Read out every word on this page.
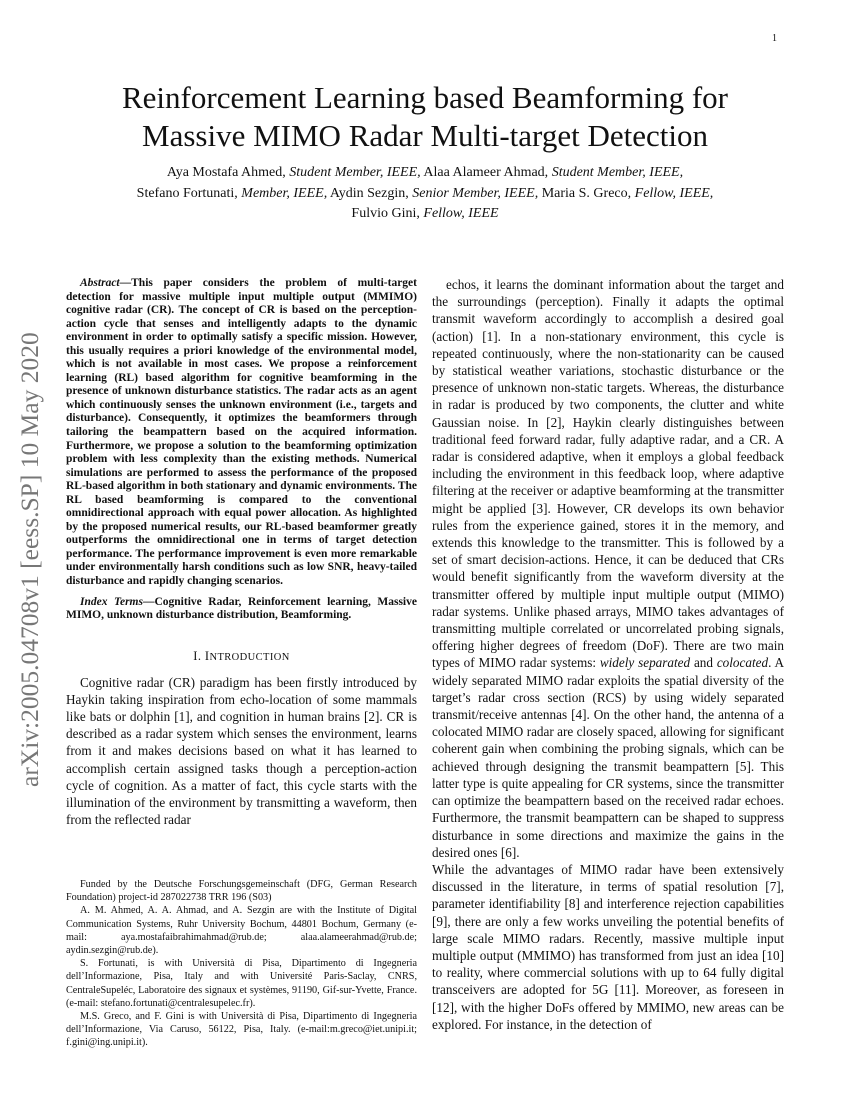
1
arXiv:2005.04708v1 [eess.SP] 10 May 2020
Reinforcement Learning based Beamforming for
Massive MIMO Radar Multi-target Detection
Aya Mostafa Ahmed, Student Member, IEEE, Alaa Alameer Ahmad, Student Member, IEEE,
Stefano Fortunati, Member, IEEE, Aydin Sezgin, Senior Member, IEEE, Maria S. Greco, Fellow, IEEE,
Fulvio Gini, Fellow, IEEE
Abstract—This paper considers the problem of multi-target detection for massive multiple input multiple output (MMIMO) cognitive radar (CR). The concept of CR is based on the perception-action cycle that senses and intelligently adapts to the dynamic environment in order to optimally satisfy a specific mission. However, this usually requires a priori knowledge of the environmental model, which is not available in most cases. We propose a reinforcement learning (RL) based algorithm for cognitive beamforming in the presence of unknown disturbance statistics. The radar acts as an agent which continuously senses the unknown environment (i.e., targets and disturbance). Consequently, it optimizes the beamformers through tailoring the beampattern based on the acquired information. Furthermore, we propose a solution to the beamforming optimization problem with less complexity than the existing methods. Numerical simulations are performed to assess the performance of the proposed RL-based algorithm in both stationary and dynamic environments. The RL based beamforming is compared to the conventional omnidirectional approach with equal power allocation. As highlighted by the proposed numerical results, our RL-based beamformer greatly outperforms the omnidirectional one in terms of target detection performance. The performance improvement is even more remarkable under environmentally harsh conditions such as low SNR, heavy-tailed disturbance and rapidly changing scenarios.
Index Terms—Cognitive Radar, Reinforcement learning, Massive MIMO, unknown disturbance distribution, Beamforming.
I. INTRODUCTION
Cognitive radar (CR) paradigm has been firstly introduced by Haykin taking inspiration from echo-location of some mammals like bats or dolphin [1], and cognition in human brains [2]. CR is described as a radar system which senses the environment, learns from it and makes decisions based on what it has learned to accomplish certain assigned tasks though a perception-action cycle of cognition. As a matter of fact, this cycle starts with the illumination of the environment by transmitting a waveform, then from the reflected radar

Funded by the Deutsche Forschungsgemeinschaft (DFG, German Research Foundation) project-id 287022738 TRR 196 (S03)

A. M. Ahmed, A. A. Ahmad, and A. Sezgin are with the Institute of Digital Communication Systems, Ruhr University Bochum, 44801 Bochum, Germany (e-mail: aya.mostafaibrahimahmad@rub.de; alaa.alameerahmad@rub.de; aydin.sezgin@rub.de).

S. Fortunati, is with Università di Pisa, Dipartimento di Ingegneria dell’Informazione, Pisa, Italy and with Université Paris-Saclay, CNRS, CentraleSupeléc, Laboratoire des signaux et systèmes, 91190, Gif-sur-Yvette, France. (e-mail: stefano.fortunati@centralesupelec.fr).

M.S. Greco, and F. Gini is with Università di Pisa, Dipartimento di Ingegneria dell’Informazione, Via Caruso, 56122, Pisa, Italy. (e-mail:m.greco@iet.unipi.it; f.gini@ing.unipi.it).

echos, it learns the dominant information about the target and the surroundings (perception). Finally it adapts the optimal transmit waveform accordingly to accomplish a desired goal (action) [1]. In a non-stationary environment, this cycle is repeated continuously, where the non-stationarity can be caused by statistical weather variations, stochastic disturbance or the presence of unknown non-static targets. Whereas, the disturbance in radar is produced by two components, the clutter and white Gaussian noise. In [2], Haykin clearly distinguishes between traditional feed forward radar, fully adaptive radar, and a CR. A radar is considered adaptive, when it employs a global feedback including the environment in this feedback loop, where adaptive filtering at the receiver or adaptive beamforming at the transmitter might be applied [3]. However, CR develops its own behavior rules from the experience gained, stores it in the memory, and extends this knowledge to the transmitter. This is followed by a set of smart decision-actions. Hence, it can be deduced that CRs would benefit significantly from the waveform diversity at the transmitter offered by multiple input multiple output (MIMO) radar systems. Unlike phased arrays, MIMO takes advantages of transmitting multiple correlated or uncorrelated probing signals, offering higher degrees of freedom (DoF). There are two main types of MIMO radar systems: widely separated and colocated. A widely separated MIMO radar exploits the spatial diversity of the target’s radar cross section (RCS) by using widely separated transmit/receive antennas [4]. On the other hand, the antenna of a colocated MIMO radar are closely spaced, allowing for significant coherent gain when combining the probing signals, which can be achieved through designing the transmit beampattern [5]. This latter type is quite appealing for CR systems, since the transmitter can optimize the beampattern based on the received radar echoes. Furthermore, the transmit beampattern can be shaped to suppress disturbance in some directions and maximize the gains in the desired ones [6].

While the advantages of MIMO radar have been extensively discussed in the literature, in terms of spatial resolution [7], parameter identifiability [8] and interference rejection capabilities [9], there are only a few works unveiling the potential benefits of large scale MIMO radars. Recently, massive multiple input multiple output (MMIMO) has transformed from just an idea [10] to reality, where commercial solutions with up to 64 fully digital transceivers are adopted for 5G [11]. Moreover, as foreseen in [12], with the higher DoFs offered by MMIMO, new areas can be explored. For instance, in the detection of
